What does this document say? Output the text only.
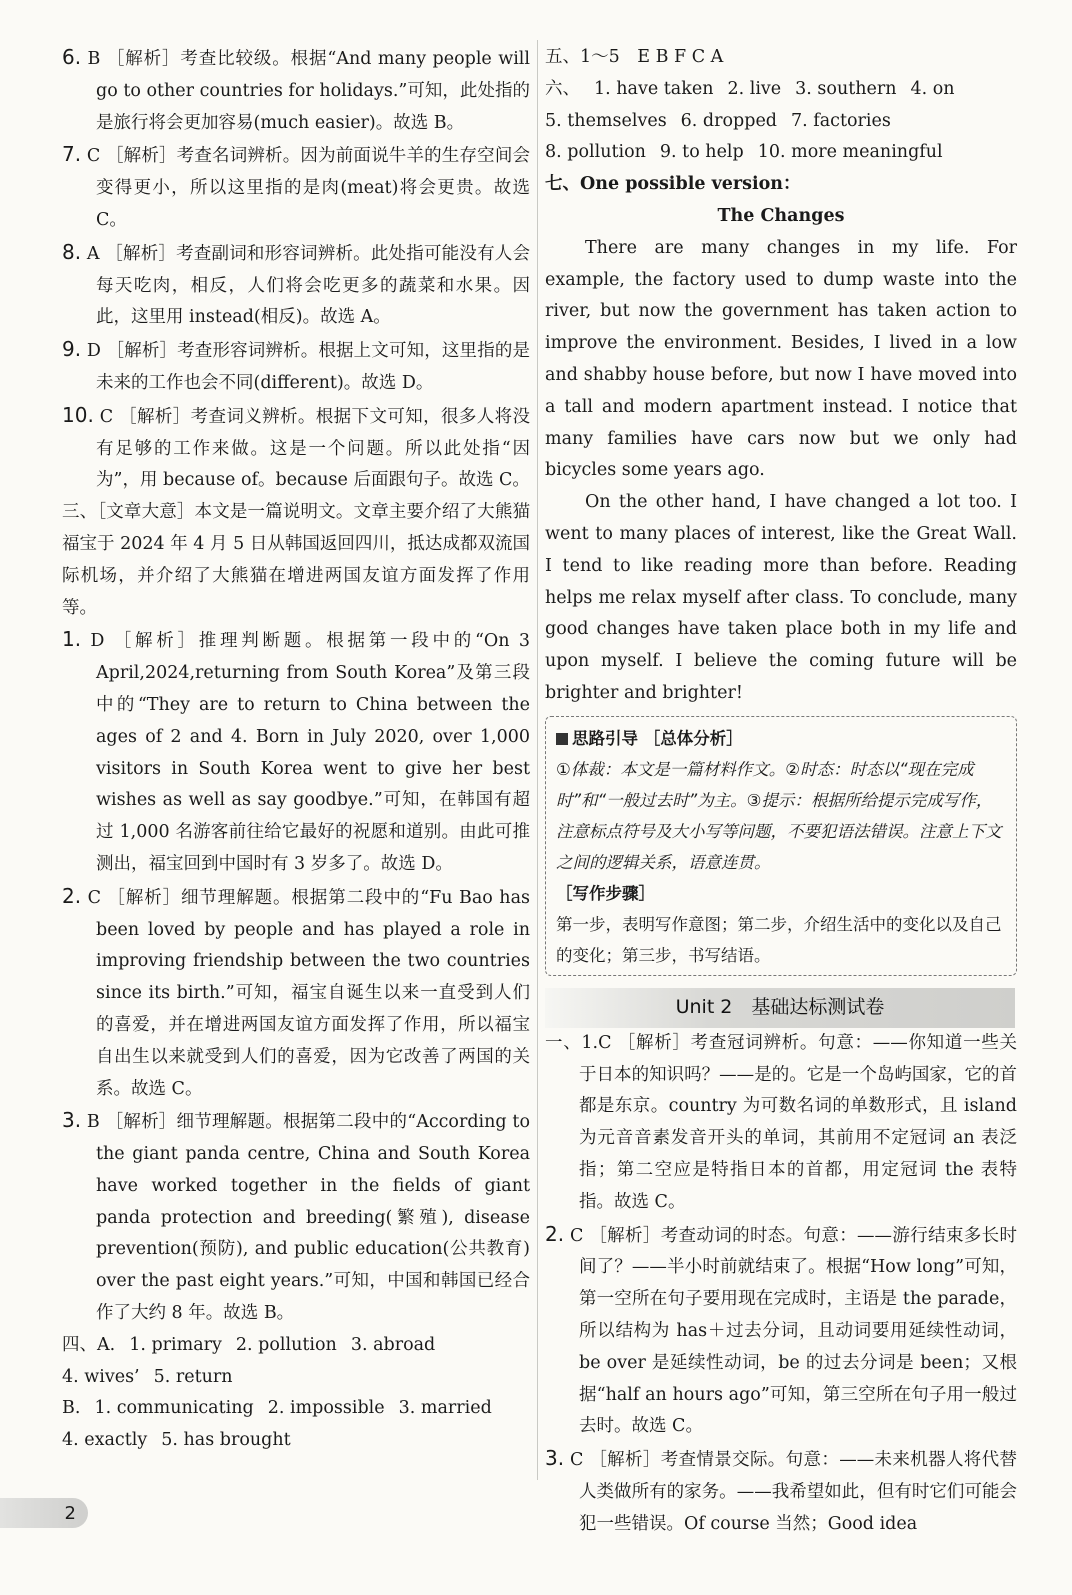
6. B ［解析］考查比较级。根据“And many people will go to other countries for holidays.”可知，此处指的是旅行将会更加容易(much easier)。故选 B。

7. C ［解析］考查名词辨析。因为前面说牛羊的生存空间会变得更小，所以这里指的是肉(meat)将会更贵。故选 C。

8. A ［解析］考查副词和形容词辨析。此处指可能没有人会每天吃肉，相反，人们将会吃更多的蔬菜和水果。因此，这里用 instead(相反)。故选 A。

9. D ［解析］考查形容词辨析。根据上文可知，这里指的是未来的工作也会不同(different)。故选 D。

10. C ［解析］考查词义辨析。根据下文可知，很多人将没有足够的工作来做。这是一个问题。所以此处指“因为”，用 because of。because 后面跟句子。故选 C。

三、［文章大意］本文是一篇说明文。文章主要介绍了大熊猫福宝于 2024 年 4 月 5 日从韩国返回四川，抵达成都双流国际机场，并介绍了大熊猫在增进两国友谊方面发挥了作用等。

1. D ［解析］推理判断题。根据第一段中的“On 3 April,2024,returning from South Korea”及第三段中的“They are to return to China between the ages of 2 and 4. Born in July 2020, over 1,000 visitors in South Korea went to give her best wishes as well as say goodbye.”可知，在韩国有超过 1,000 名游客前往给它最好的祝愿和道别。由此可推测出，福宝回到中国时有 3 岁多了。故选 D。

2. C ［解析］细节理解题。根据第二段中的“Fu Bao has been loved by people and has played a role in improving friendship between the two countries since its birth.”可知，福宝自诞生以来一直受到人们的喜爱，并在增进两国友谊方面发挥了作用，所以福宝自出生以来就受到人们的喜爱，因为它改善了两国的关系。故选 C。

3. B ［解析］细节理解题。根据第二段中的“According to the giant panda centre, China and South Korea have worked together in the fields of giant panda protection and breeding(繁殖), disease prevention(预防), and public education(公共教育) over the past eight years.”可知，中国和韩国已经合作了大约 8 年。故选 B。

四、A. 1. primary 2. pollution 3. abroad
4. wives’ 5. return
B. 1. communicating 2. impossible 3. married
4. exactly 5. has brought

五、1～5　E B F C A

六、 1. have taken 2. live 3. southern 4. on
5. themselves 6. dropped 7. factories
8. pollution 9. to help 10. more meaningful

七、One possible version：

The Changes

There are many changes in my life. For example, the factory used to dump waste into the river, but now the government has taken action to improve the environment. Besides, I lived in a low and shabby house before, but now I have moved into a tall and modern apartment instead. I notice that many families have cars now but we only had bicycles some years ago.

On the other hand, I have changed a lot too. I went to many places of interest, like the Great Wall. I tend to like reading more than before. Reading helps me relax myself after class. To conclude, many good changes have taken place both in my life and upon myself. I believe the coming future will be brighter and brighter!

思路引导 ［总体分析］
①体裁：本文是一篇材料作文。②时态：时态以“现在完成时”和“一般过去时”为主。③提示：根据所给提示完成写作，注意标点符号及大小写等问题，不要犯语法错误。注意上下文之间的逻辑关系，语意连贯。
［写作步骤］
第一步，表明写作意图；第二步，介绍生活中的变化以及自己的变化；第三步，书写结语。
Unit 2　基础达标测试卷

一、1.C ［解析］考查冠词辨析。句意：——你知道一些关于日本的知识吗？——是的。它是一个岛屿国家，它的首都是东京。country 为可数名词的单数形式，且 island 为元音音素发音开头的单词，其前用不定冠词 an 表泛指；第二空应是特指日本的首都，用定冠词 the 表特指。故选 C。

2. C ［解析］考查动词的时态。句意：——游行结束多长时间了？——半小时前就结束了。根据“How long”可知，第一空所在句子要用现在完成时，主语是 the parade，所以结构为 has＋过去分词，且动词要用延续性动词，be over 是延续性动词，be 的过去分词是 been；又根据“half an hours ago”可知，第三空所在句子用一般过去时。故选 C。

3. C ［解析］考查情景交际。句意：——未来机器人将代替人类做所有的家务。——我希望如此，但有时它们可能会犯一些错误。Of course 当然；Good idea

2
